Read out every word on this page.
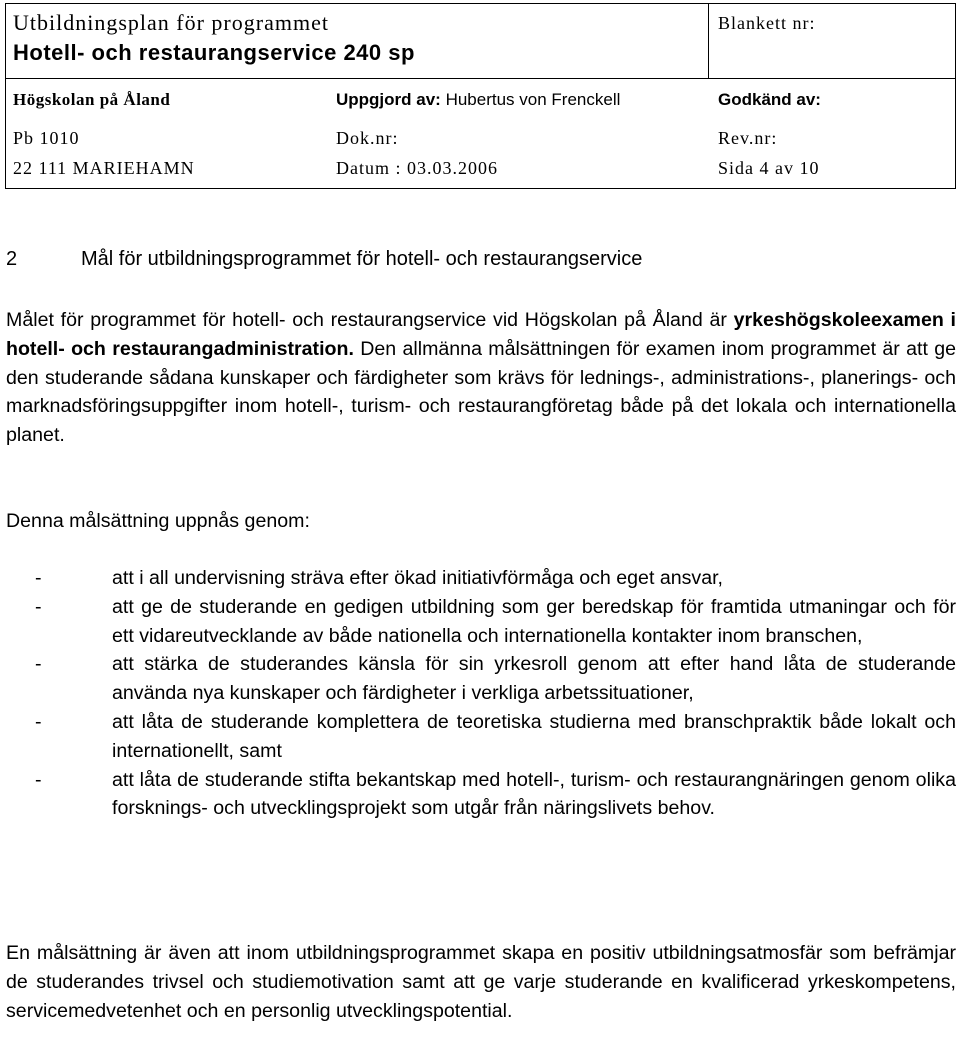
Utbildningsplan för programmet
Hotell- och restaurangservice 240 sp
Blankett nr:
Högskolan på Åland	Uppgjord av: Hubertus von Frenckell	Godkänd av:
Pb 1010	Dok.nr:	Rev.nr:
22 111 MARIEHAMN	Datum : 03.03.2006	Sida 4 av 10
2	Mål för utbildningsprogrammet för hotell- och restaurangservice
Målet för programmet för hotell- och restaurangservice vid Högskolan på Åland är yrkeshögskoleexamen i hotell- och restaurangadministration. Den allmänna målsättningen för examen inom programmet är att ge den studerande sådana kunskaper och färdigheter som krävs för lednings-, administrations-, planerings- och marknadsföringsuppgifter inom hotell-, turism- och restaurangföretag både på det lokala och internationella planet.
Denna målsättning uppnås genom:
-	att i all undervisning sträva efter ökad initiativförmåga och eget ansvar,
-	att ge de studerande en gedigen utbildning som ger beredskap för framtida utmaningar och för ett vidareutvecklande av både nationella och internationella kontakter inom branschen,
-	att stärka de studerandes känsla för sin yrkesroll genom att efter hand låta de studerande använda nya kunskaper och färdigheter i verkliga arbetssituationer,
-	att låta de studerande komplettera de teoretiska studierna med branschpraktik både lokalt och internationellt, samt
-	att låta de studerande stifta bekantskap med hotell-, turism- och restaurangnäringen genom olika forsknings- och utvecklingsprojekt som utgår från näringslivets behov.
En målsättning är även att inom utbildningsprogrammet skapa en positiv utbildningsatmosfär som befrämjar de studerandes trivsel och studiemotivation samt att ge varje studerande en kvalificerad yrkeskompetens, servicemedvetenhet och en personlig utvecklingspotential.
